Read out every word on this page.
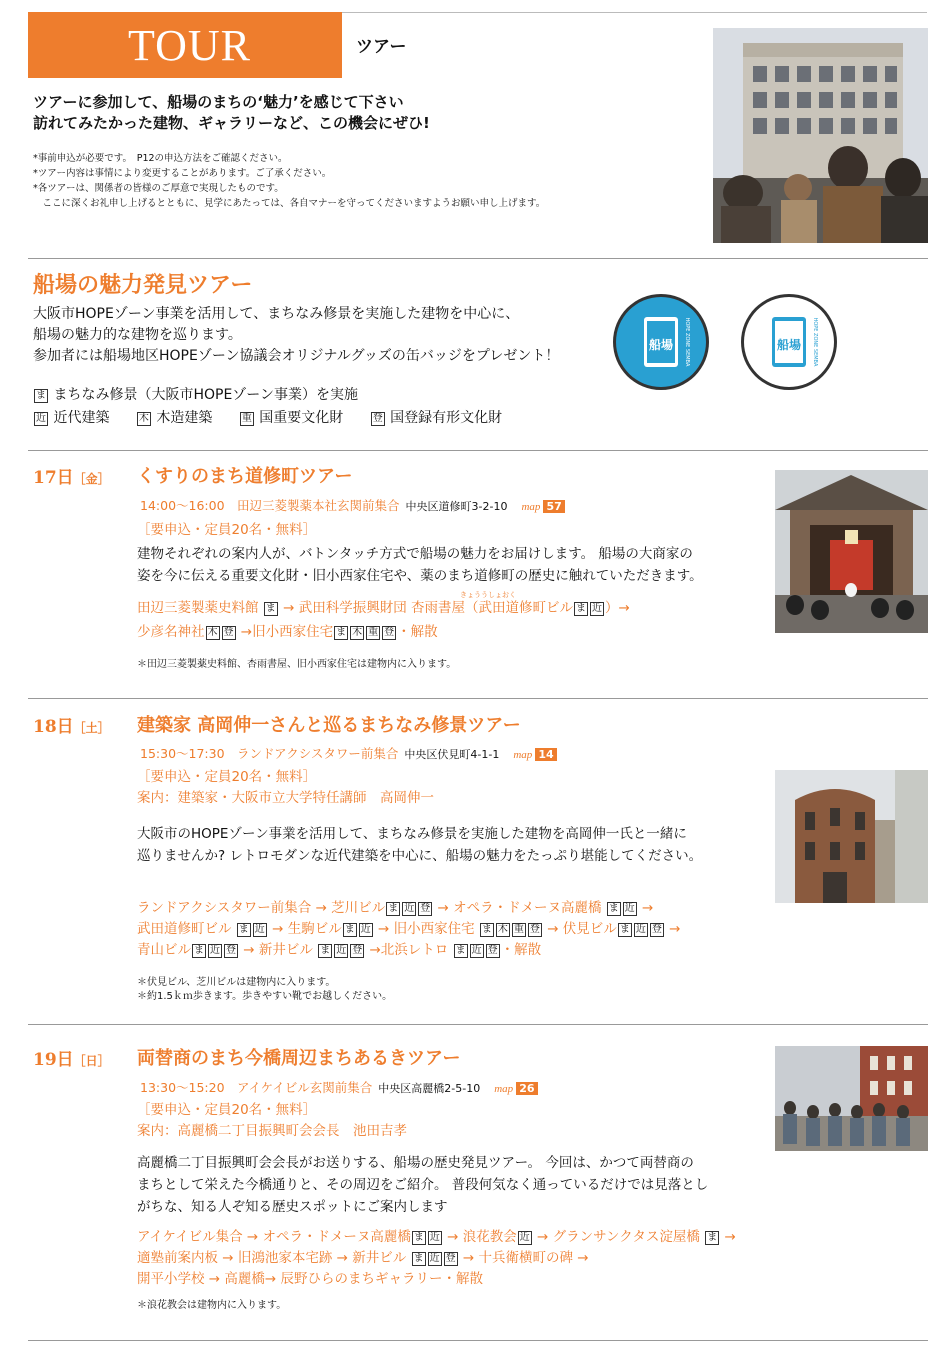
TOUR	ツアー
ツアーに参加して、船場のまちの‘魅力’を感じて下さい
訪れてみたかった建物、ギャラリーなど、この機会にぜひ!
*事前申込が必要です。　P12の申込方法をご確認ください。
*ツアー内容は事情により変更することがあります。ご了承ください。
*各ツアーは、関係者の皆様のご厚意で実現したものです。
　ここに深くお礼申し上げるとともに、見学にあたっては、各自マナーを守ってくださいますようお願い申し上げます。
船場の魅力発見ツアー
大阪市HOPEゾーン事業を活用して、まちなみ修景を実施した建物を中心に、
船場の魅力的な建物を巡ります。
参加者には船場地区HOPEゾーン協議会オリジナルグッズの缶バッジをプレゼント！
ま まちなみ修景（大阪市HOPEゾーン事業）を実施
近 近代建築	木 木造建築	重 国重要文化財	登 国登録有形文化財
船場 HOPE ZONE SEMBA	船場 HOPE ZONE SEMBA
17日［金］ くすりのまち道修町ツアー
14:00〜16:00　田辺三菱製薬本社玄関前集合 中央区道修町3-2-10 map 57
［要申込・定員20名・無料］
建物それぞれの案内人が、バトンタッチ方式で船場の魅力をお届けします。 船場の大商家の
姿を今に伝える重要文化財・旧小西家住宅や、薬のまち道修町の歴史に触れていただきます。
きょううしょおく
田辺三菱製薬史料館 ま → 武田科学振興財団 杏雨書屋（武田道修町ビル ま 近 ）→
少彦名神社 木 登 →旧小西家住宅 ま 木 重 登 ・解散
＊田辺三菱製薬史料館、杏雨書屋、旧小西家住宅は建物内に入ります。
18日［土］ 建築家 高岡伸一さんと巡るまちなみ修景ツアー
15:30〜17:30　ランドアクシスタワー前集合 中央区伏見町4-1-1 map 14
［要申込・定員20名・無料］
案内：建築家・大阪市立大学特任講師　高岡伸一
大阪市のHOPEゾーン事業を活用して、まちなみ修景を実施した建物を高岡伸一氏と一緒に
巡りませんか? レトロモダンな近代建築を中心に、船場の魅力をたっぷり堪能してください。
ランドアクシスタワー前集合 → 芝川ビル ま 近 登 → オペラ・ドメーヌ高麗橋 ま 近 →
武田道修町ビル ま 近 → 生駒ビル ま 近 → 旧小西家住宅 ま 木 重 登 → 伏見ビル ま 近 登 →
青山ビル ま 近 登 → 新井ビル ま 近 登 →北浜レトロ ま 近 登 ・解散
＊伏見ビル、芝川ビルは建物内に入ります。
＊約1.5ｋｍ歩きます。歩きやすい靴でお越しください。
19日［日］ 両替商のまち今橋周辺まちあるきツアー
13:30〜15:20　アイケイビル玄関前集合 中央区高麗橋2-5-10 map 26
［要申込・定員20名・無料］
案内：高麗橋二丁目振興町会会長　池田吉孝
高麗橋二丁目振興町会会長がお送りする、船場の歴史発見ツアー。 今回は、かつて両替商の
まちとして栄えた今橋通りと、その周辺をご紹介。 普段何気なく通っているだけでは見落とし
がちな、知る人ぞ知る歴史スポットにご案内します
アイケイビル集合 → オペラ・ドメーヌ高麗橋 ま 近 → 浪花教会 近 → グランサンクタス淀屋橋 ま →
適塾前案内板 → 旧鴻池家本宅跡 → 新井ビル ま 近 登 → 十兵衛横町の碑 →
開平小学校 → 高麗橋→ 辰野ひらのまちギャラリー・解散
＊浪花教会は建物内に入ります。
